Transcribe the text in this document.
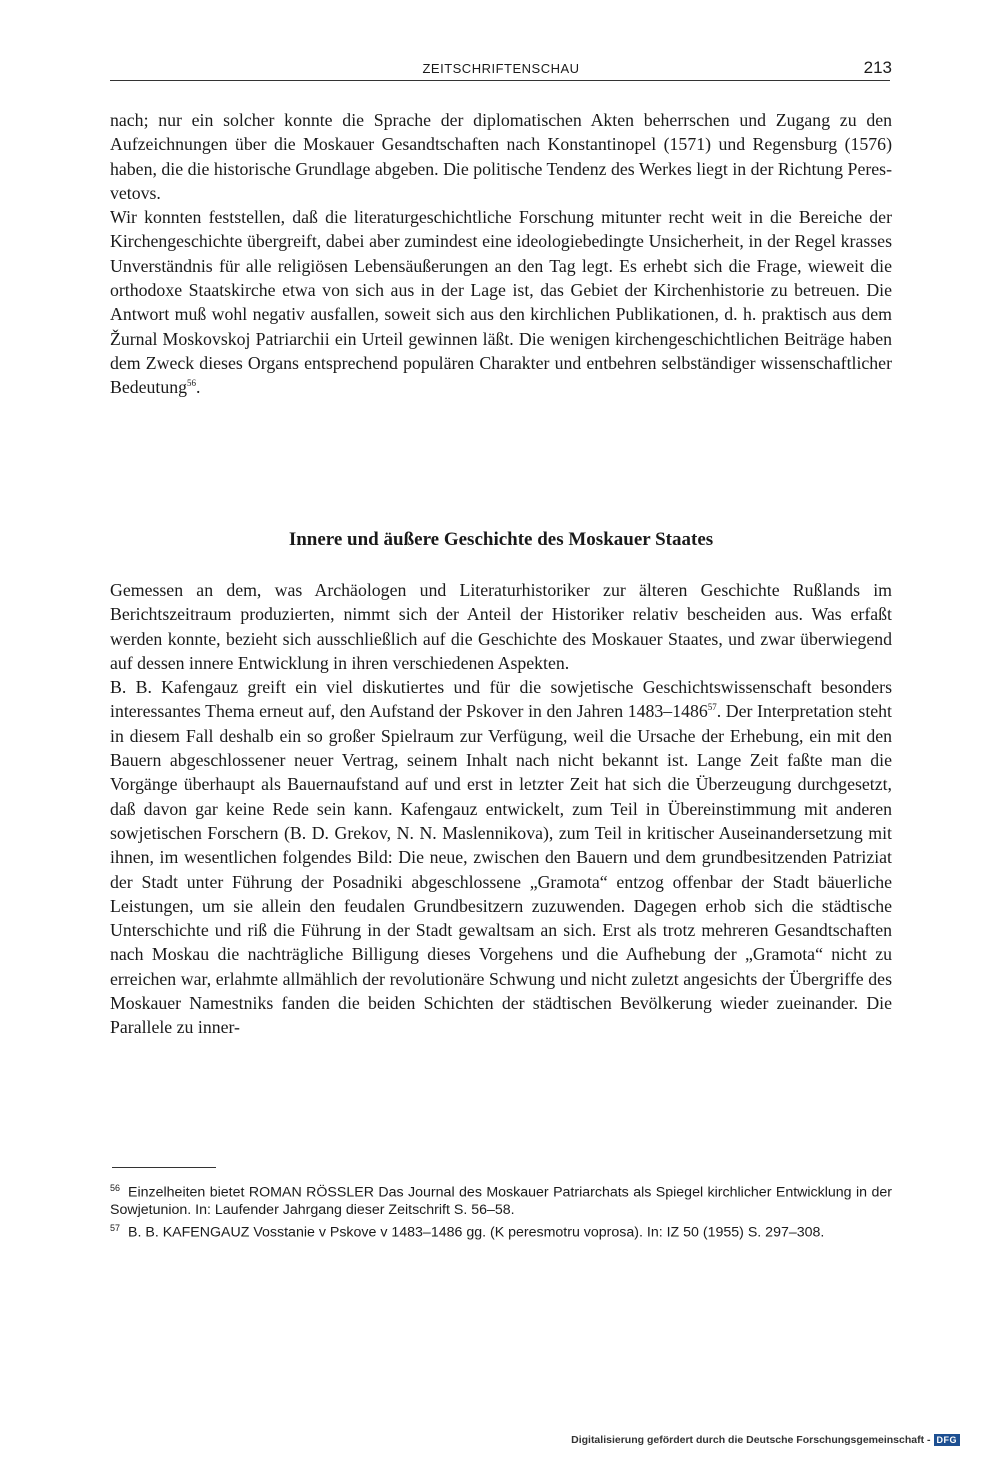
ZEITSCHRIFTENSCHAU	213

nach; nur ein solcher konnte die Sprache der diplomatischen Akten beherrschen und Zugang zu den Aufzeichnungen über die Moskauer Gesandtschaften nach Konstantinopel (1571) und Regensburg (1576) haben, die die historische Grundlage abgeben. Die politische Tendenz des Werkes liegt in der Richtung Peresvetovs.

Wir konnten feststellen, daß die literaturgeschichtliche Forschung mitunter recht weit in die Bereiche der Kirchengeschichte übergreift, dabei aber zumindest eine ideologiebedingte Unsicherheit, in der Regel krasses Unverständnis für alle religiösen Lebensäußerungen an den Tag legt. Es erhebt sich die Frage, wieweit die orthodoxe Staatskirche etwa von sich aus in der Lage ist, das Gebiet der Kirchenhistorie zu betreuen. Die Antwort muß wohl negativ ausfallen, soweit sich aus den kirchlichen Publikationen, d. h. praktisch aus dem Žurnal Moskovskoj Patriarchii ein Urteil gewinnen läßt. Die wenigen kirchengeschichtlichen Beiträge haben dem Zweck dieses Organs entsprechend populären Charakter und entbehren selbständiger wissenschaftlicher Bedeutung$^{56}$.

Innere und äußere Geschichte des Moskauer Staates

Gemessen an dem, was Archäologen und Literaturhistoriker zur älteren Geschichte Rußlands im Berichtszeitraum produzierten, nimmt sich der Anteil der Historiker relativ bescheiden aus. Was erfaßt werden konnte, bezieht sich ausschließlich auf die Geschichte des Moskauer Staates, und zwar überwiegend auf dessen innere Entwicklung in ihren verschiedenen Aspekten.

B. B. Kafengauz greift ein viel diskutiertes und für die sowjetische Geschichtswissenschaft besonders interessantes Thema erneut auf, den Aufstand der Pskover in den Jahren 1483–1486$^{57}$. Der Interpretation steht in diesem Fall deshalb ein so großer Spielraum zur Verfügung, weil die Ursache der Erhebung, ein mit den Bauern abgeschlossener neuer Vertrag, seinem Inhalt nach nicht bekannt ist. Lange Zeit faßte man die Vorgänge überhaupt als Bauernaufstand auf und erst in letzter Zeit hat sich die Überzeugung durchgesetzt, daß davon gar keine Rede sein kann. Kafengauz entwickelt, zum Teil in Übereinstimmung mit anderen sowjetischen Forschern (B. D. Grekov, N. N. Maslennikova), zum Teil in kritischer Auseinandersetzung mit ihnen, im wesentlichen folgendes Bild: Die neue, zwischen den Bauern und dem grundbesitzenden Patriziat der Stadt unter Führung der Posadniki abgeschlossene „Gramota“ entzog offenbar der Stadt bäuerliche Leistungen, um sie allein den feudalen Grundbesitzern zuzuwenden. Dagegen erhob sich die städtische Unterschichte und riß die Führung in der Stadt gewaltsam an sich. Erst als trotz mehreren Gesandtschaften nach Moskau die nachträgliche Billigung dieses Vorgehens und die Aufhebung der „Gramota“ nicht zu erreichen war, erlahmte allmählich der revolutionäre Schwung und nicht zuletzt angesichts der Übergriffe des Moskauer Namestniks fanden die beiden Schichten der städtischen Bevölkerung wieder zueinander. Die Parallele zu inner-

$^{56}$ Einzelheiten bietet ROMAN RÖSSLER Das Journal des Moskauer Patriarchats als Spiegel kirchlicher Entwicklung in der Sowjetunion. In: Laufender Jahrgang dieser Zeitschrift S. 56–58.

$^{57}$ B. B. KAFENGAUZ Vosstanie v Pskove v 1483–1486 gg. (K peresmotru voprosa). In: IZ 50 (1955) S. 297–308.

Digitalisierung gefördert durch die Deutsche Forschungsgemeinschaft - DFG
